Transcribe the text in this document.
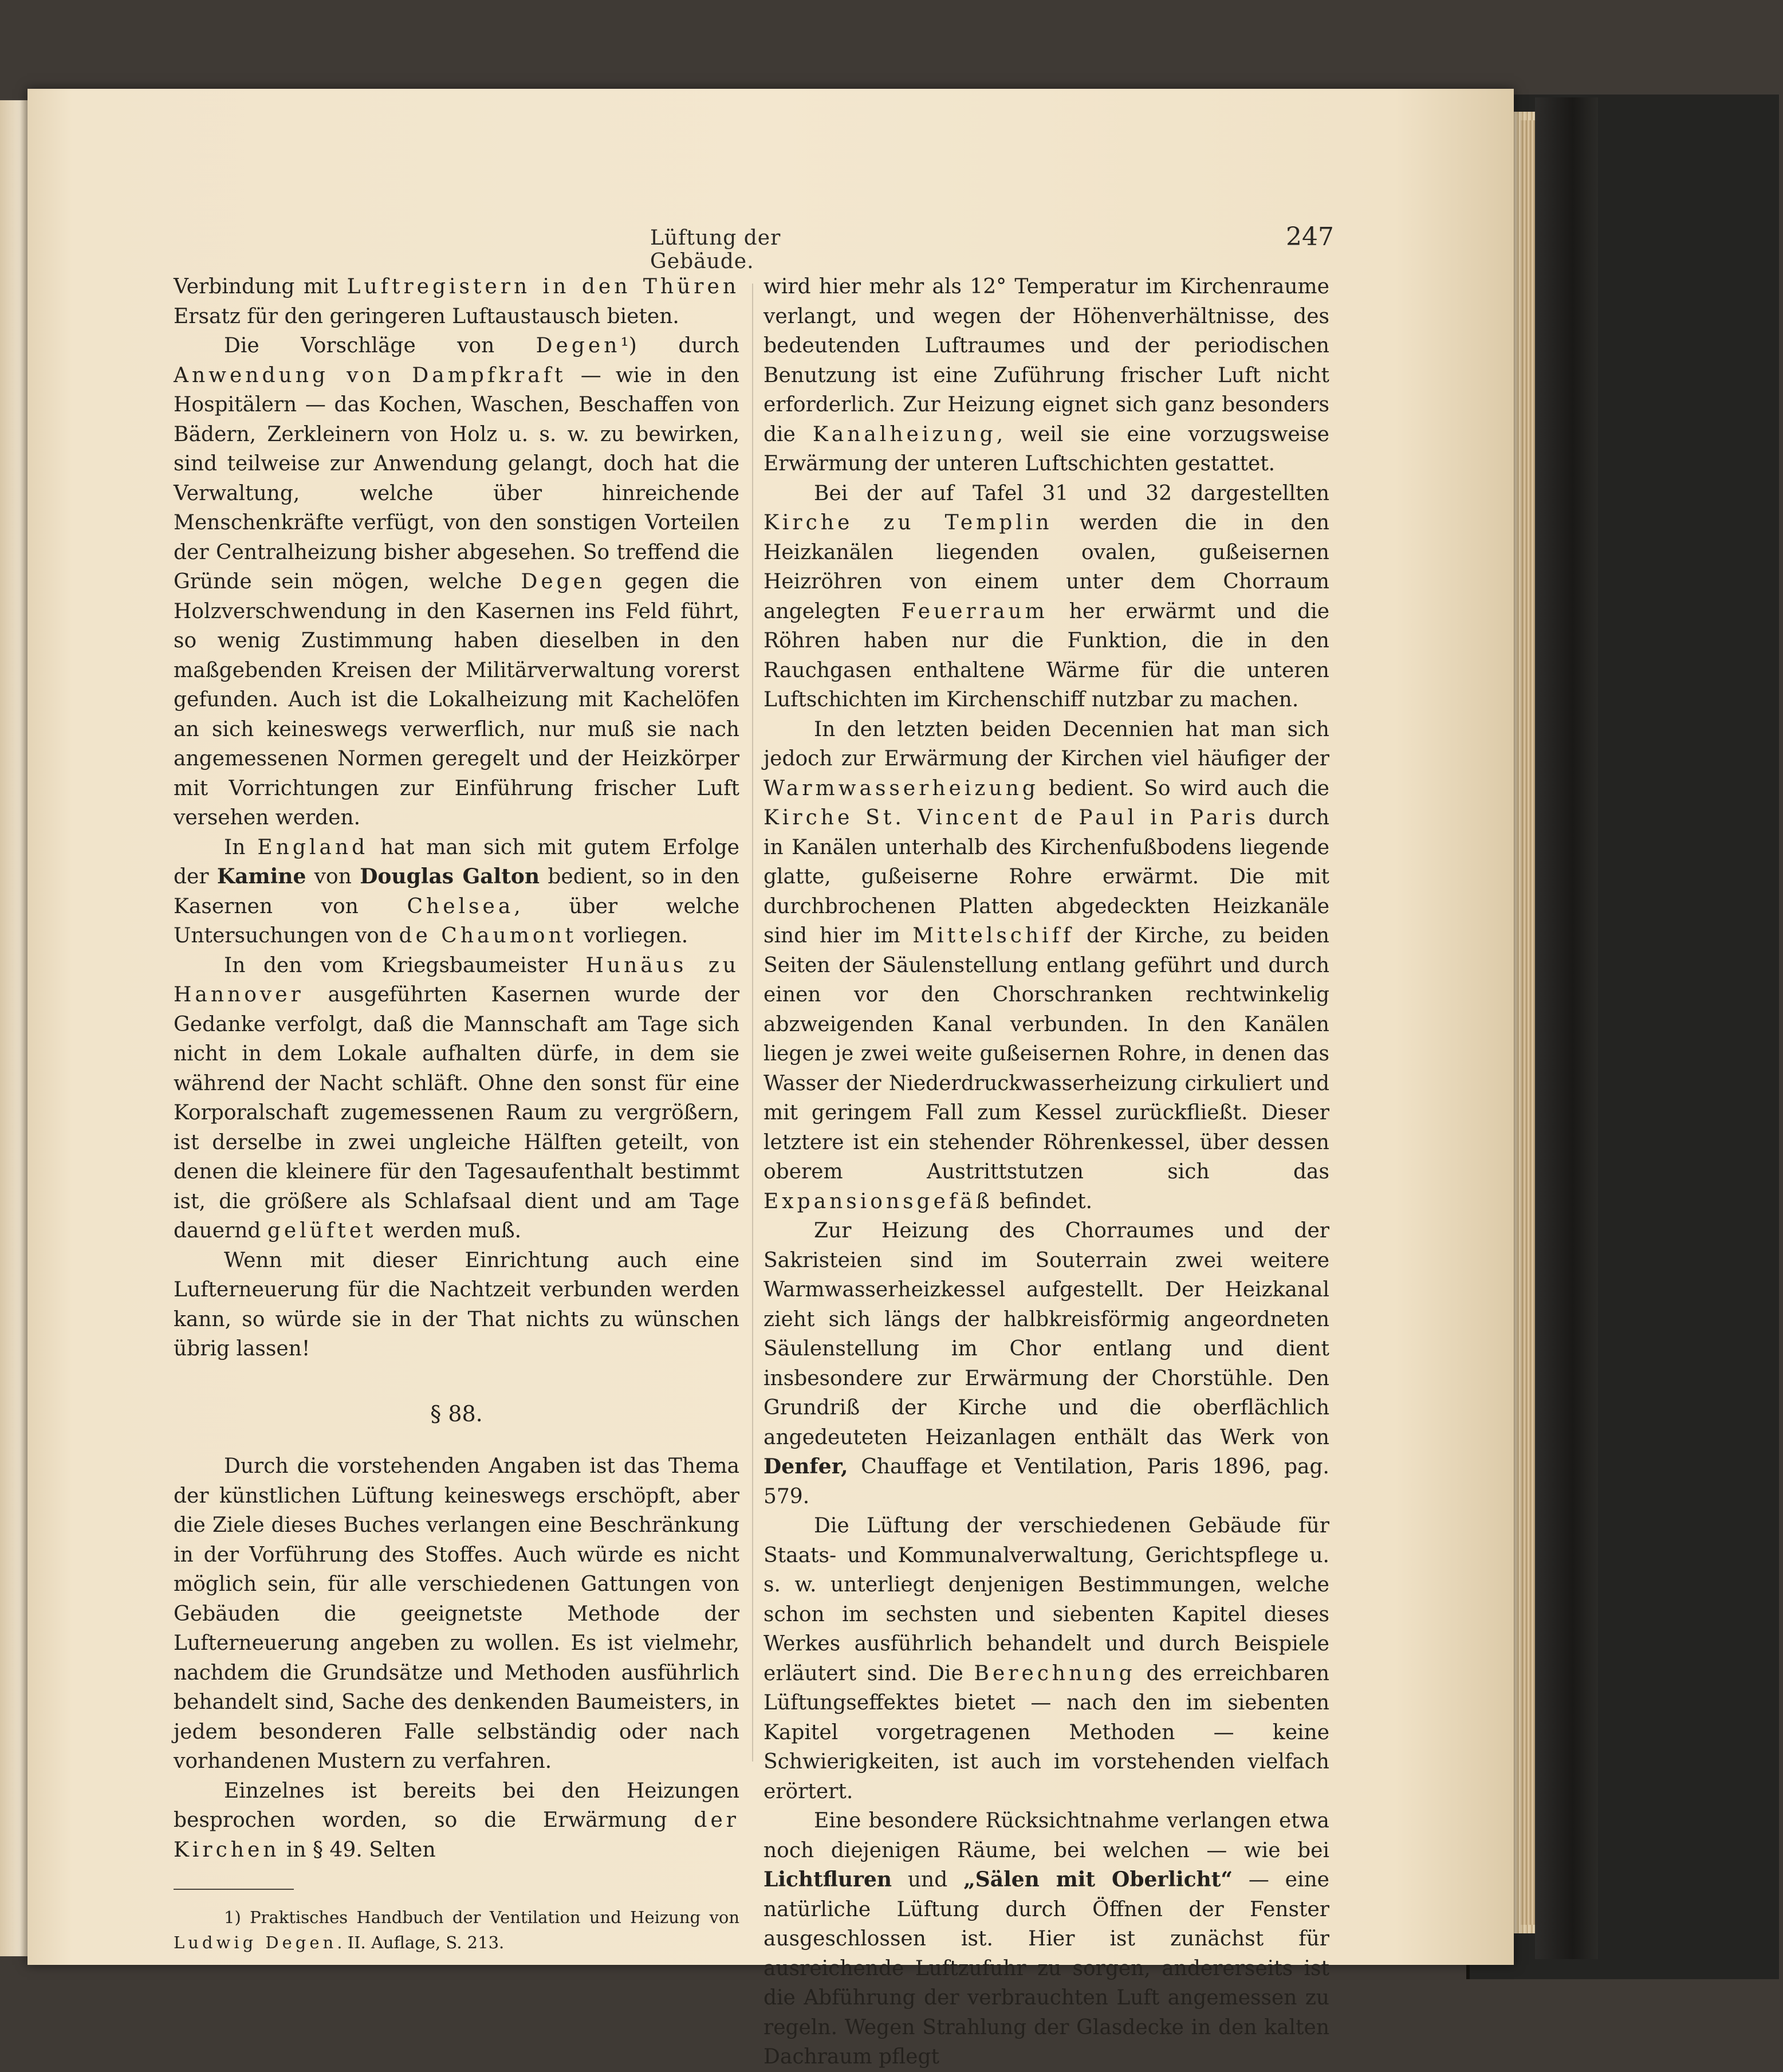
Lüftung der Gebäude.
247

Verbindung mit Luftregistern in den Thüren Ersatz für den geringeren Luftaustausch bieten.

Die Vorschläge von Degen¹) durch Anwendung von Dampfkraft — wie in den Hospitälern — das Kochen, Waschen, Beschaffen von Bädern, Zerkleinern von Holz u. s. w. zu bewirken, sind teilweise zur Anwendung gelangt, doch hat die Verwaltung, welche über hinreichende Menschenkräfte verfügt, von den sonstigen Vorteilen der Centralheizung bisher abgesehen. So treffend die Gründe sein mögen, welche Degen gegen die Holzverschwendung in den Kasernen ins Feld führt, so wenig Zustimmung haben dieselben in den maßgebenden Kreisen der Militärverwaltung vorerst gefunden. Auch ist die Lokalheizung mit Kachelöfen an sich keineswegs verwerflich, nur muß sie nach angemessenen Normen geregelt und der Heizkörper mit Vorrichtungen zur Einführung frischer Luft versehen werden.

In England hat man sich mit gutem Erfolge der Kamine von Douglas Galton bedient, so in den Kasernen von Chelsea, über welche Untersuchungen von de Chaumont vorliegen.

In den vom Kriegsbaumeister Hunäus zu Hannover ausgeführten Kasernen wurde der Gedanke verfolgt, daß die Mannschaft am Tage sich nicht in dem Lokale aufhalten dürfe, in dem sie während der Nacht schläft. Ohne den sonst für eine Korporalschaft zugemessenen Raum zu vergrößern, ist derselbe in zwei ungleiche Hälften geteilt, von denen die kleinere für den Tagesaufenthalt bestimmt ist, die größere als Schlafsaal dient und am Tage dauernd gelüftet werden muß.

Wenn mit dieser Einrichtung auch eine Lufterneuerung für die Nachtzeit verbunden werden kann, so würde sie in der That nichts zu wünschen übrig lassen!

§ 88.

Durch die vorstehenden Angaben ist das Thema der künstlichen Lüftung keineswegs erschöpft, aber die Ziele dieses Buches verlangen eine Beschränkung in der Vorführung des Stoffes. Auch würde es nicht möglich sein, für alle verschiedenen Gattungen von Gebäuden die geeignetste Methode der Lufterneuerung angeben zu wollen. Es ist vielmehr, nachdem die Grundsätze und Methoden ausführlich behandelt sind, Sache des denkenden Baumeisters, in jedem besonderen Falle selbständig oder nach vorhandenen Mustern zu verfahren.

Einzelnes ist bereits bei den Heizungen besprochen worden, so die Erwärmung der Kirchen in § 49. Selten

1) Praktisches Handbuch der Ventilation und Heizung von Ludwig Degen. II. Auflage, S. 213.

wird hier mehr als 12° Temperatur im Kirchenraume verlangt, und wegen der Höhenverhältnisse, des bedeutenden Luftraumes und der periodischen Benutzung ist eine Zuführung frischer Luft nicht erforderlich. Zur Heizung eignet sich ganz besonders die Kanalheizung, weil sie eine vorzugsweise Erwärmung der unteren Luftschichten gestattet.

Bei der auf Tafel 31 und 32 dargestellten Kirche zu Templin werden die in den Heizkanälen liegenden ovalen, gußeisernen Heizröhren von einem unter dem Chorraum angelegten Feuerraum her erwärmt und die Röhren haben nur die Funktion, die in den Rauchgasen enthaltene Wärme für die unteren Luftschichten im Kirchenschiff nutzbar zu machen.

In den letzten beiden Decennien hat man sich jedoch zur Erwärmung der Kirchen viel häufiger der Warmwasserheizung bedient. So wird auch die Kirche St. Vincent de Paul in Paris durch in Kanälen unterhalb des Kirchenfußbodens liegende glatte, gußeiserne Rohre erwärmt. Die mit durchbrochenen Platten abgedeckten Heizkanäle sind hier im Mittelschiff der Kirche, zu beiden Seiten der Säulenstellung entlang geführt und durch einen vor den Chorschranken rechtwinkelig abzweigenden Kanal verbunden. In den Kanälen liegen je zwei weite gußeisernen Rohre, in denen das Wasser der Niederdruckwasserheizung cirkuliert und mit geringem Fall zum Kessel zurückfließt. Dieser letztere ist ein stehender Röhrenkessel, über dessen oberem Austrittstutzen sich das Expansionsgefäß befindet.

Zur Heizung des Chorraumes und der Sakristeien sind im Souterrain zwei weitere Warmwasserheizkessel aufgestellt. Der Heizkanal zieht sich längs der halbkreisförmig angeordneten Säulenstellung im Chor entlang und dient insbesondere zur Erwärmung der Chorstühle. Den Grundriß der Kirche und die oberflächlich angedeuteten Heizanlagen enthält das Werk von Denfer, Chauffage et Ventilation, Paris 1896, pag. 579.

Die Lüftung der verschiedenen Gebäude für Staats- und Kommunalverwaltung, Gerichtspflege u. s. w. unterliegt denjenigen Bestimmungen, welche schon im sechsten und siebenten Kapitel dieses Werkes ausführlich behandelt und durch Beispiele erläutert sind. Die Berechnung des erreichbaren Lüftungseffektes bietet — nach den im siebenten Kapitel vorgetragenen Methoden — keine Schwierigkeiten, ist auch im vorstehenden vielfach erörtert.

Eine besondere Rücksichtnahme verlangen etwa noch diejenigen Räume, bei welchen — wie bei Lichtfluren und „Sälen mit Oberlicht“ — eine natürliche Lüftung durch Öffnen der Fenster ausgeschlossen ist. Hier ist zunächst für ausreichende Luftzufuhr zu sorgen, andererseits ist die Abführung der verbrauchten Luft angemessen zu regeln. Wegen Strahlung der Glasdecke in den kalten Dachraum pflegt
